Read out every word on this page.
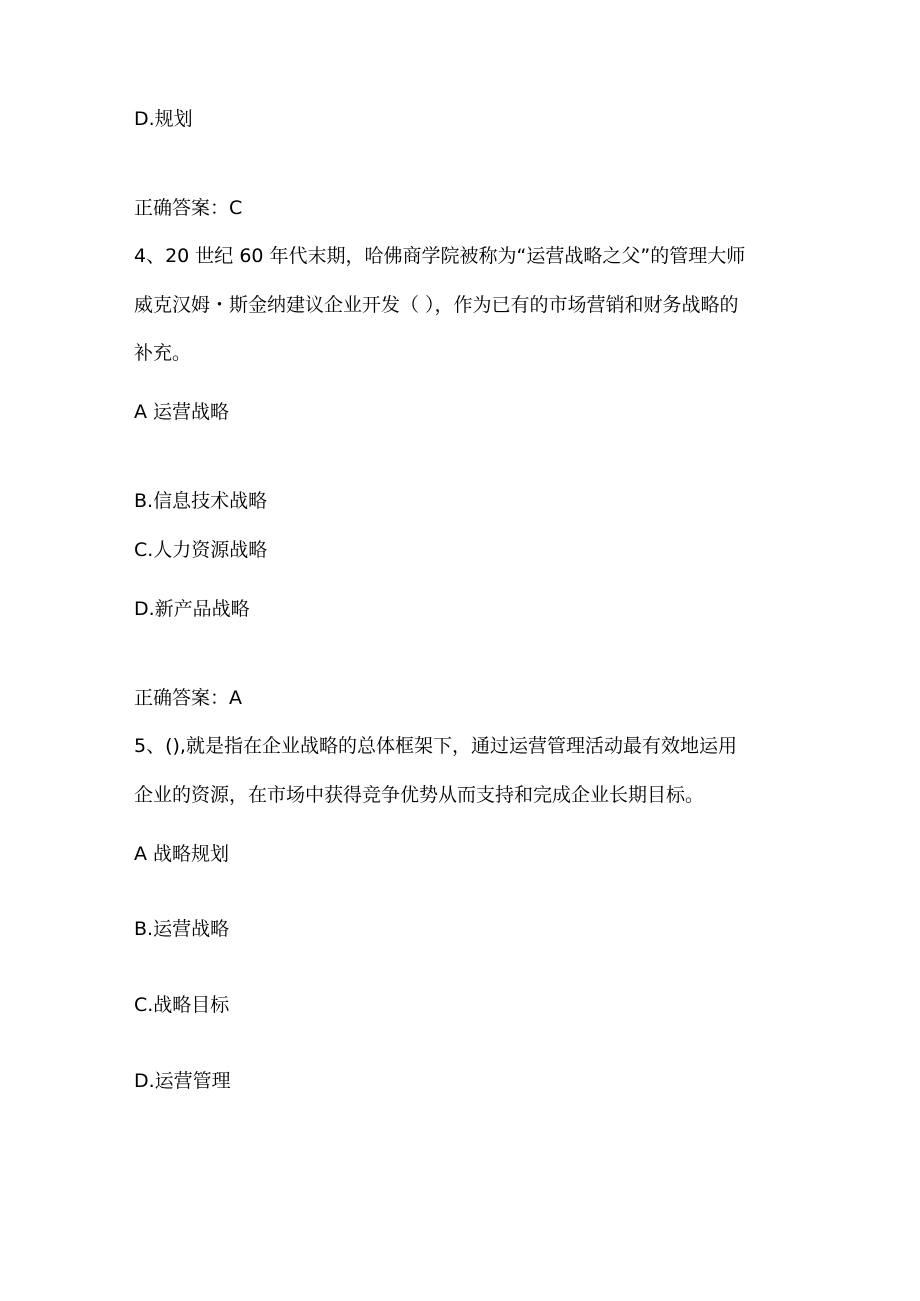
D.规划

正确答案：C

4、20 世纪 60 年代末期，哈佛商学院被称为“运营战略之父”的管理大师

威克汉姆・斯金纳建议企业开发（ ），作为已有的市场营销和财务战略的

补充。

A 运营战略

B.信息技术战略

C.人力资源战略

D.新产品战略

正确答案：A

5、(),就是指在企业战略的总体框架下，通过运营管理活动最有效地运用

企业的资源，在市场中获得竞争优势从而支持和完成企业长期目标。

A 战略规划

B.运营战略

C.战略目标

D.运营管理
